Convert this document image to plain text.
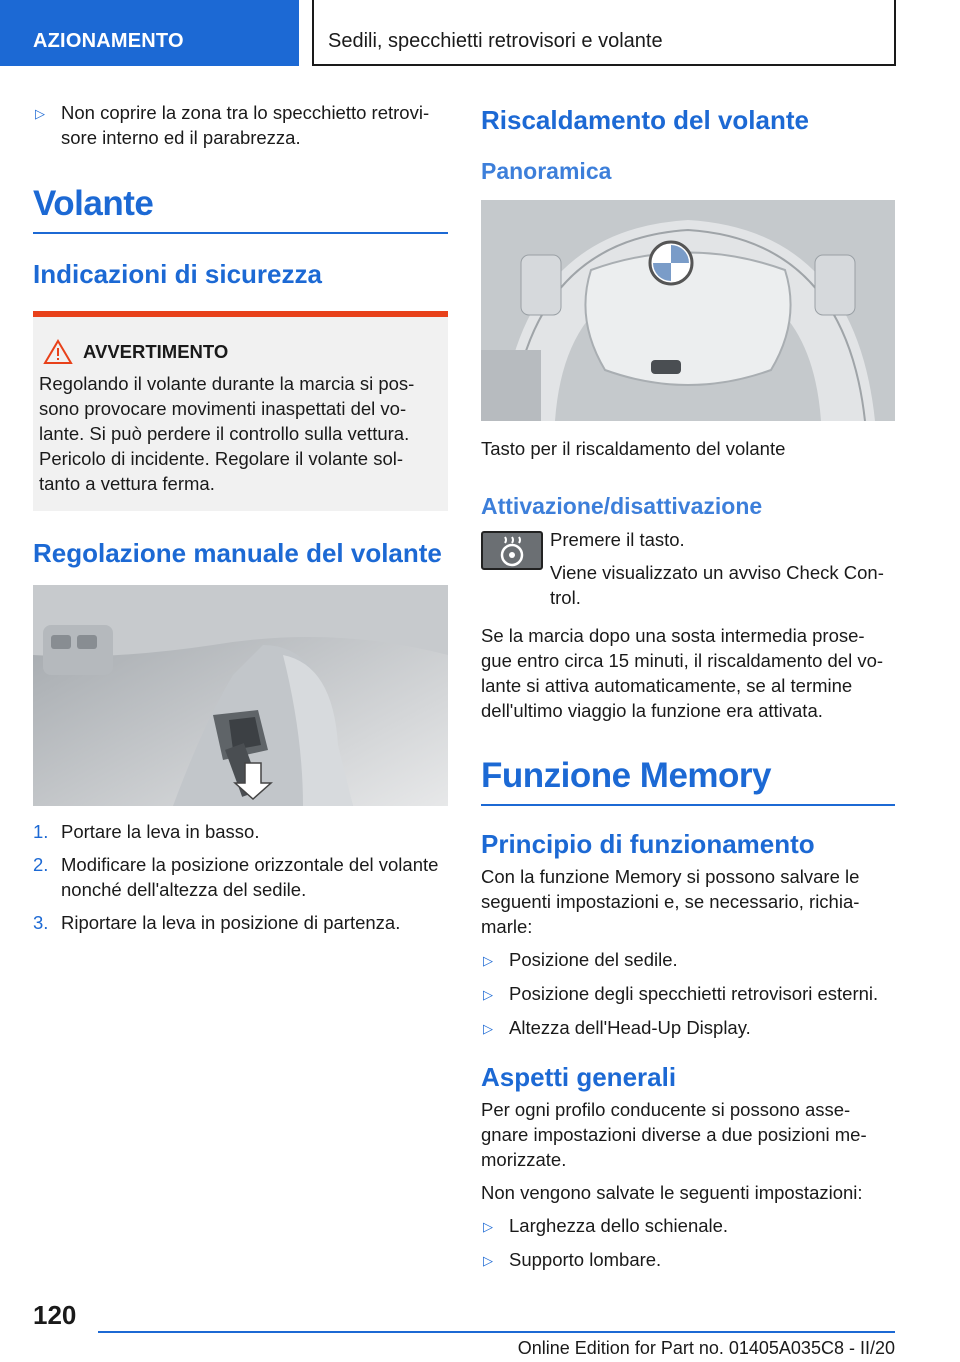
AZIONAMENTO	Sedili, specchietti retrovisori e volante
▷ Non coprire la zona tra lo specchietto retrovi-sore interno ed il parabrezza.
Volante
Indicazioni di sicurezza
AVVERTIMENTO
Regolando il volante durante la marcia si pos-sono provocare movimenti inaspettati del vo-lante. Si può perdere il controllo sulla vettura. Pericolo di incidente. Regolare il volante sol-tanto a vettura ferma.
Regolazione manuale del volante
1. Portare la leva in basso.
2. Modificare la posizione orizzontale del volante nonché dell'altezza del sedile.
3. Riportare la leva in posizione di partenza.
Riscaldamento del volante
Panoramica
Tasto per il riscaldamento del volante
Attivazione/disattivazione
Premere il tasto.
Viene visualizzato un avviso Check Con-trol.
Se la marcia dopo una sosta intermedia prose-gue entro circa 15 minuti, il riscaldamento del vo-lante si attiva automaticamente, se al termine dell'ultimo viaggio la funzione era attivata.
Funzione Memory
Principio di funzionamento
Con la funzione Memory si possono salvare le seguenti impostazioni e, se necessario, richia-marle:
▷ Posizione del sedile.
▷ Posizione degli specchietti retrovisori esterni.
▷ Altezza dell'Head-Up Display.
Aspetti generali
Per ogni profilo conducente si possono asse-gnare impostazioni diverse a due posizioni me-morizzate.
Non vengono salvate le seguenti impostazioni:
▷ Larghezza dello schienale.
▷ Supporto lombare.
120
Online Edition for Part no. 01405A035C8 - II/20
